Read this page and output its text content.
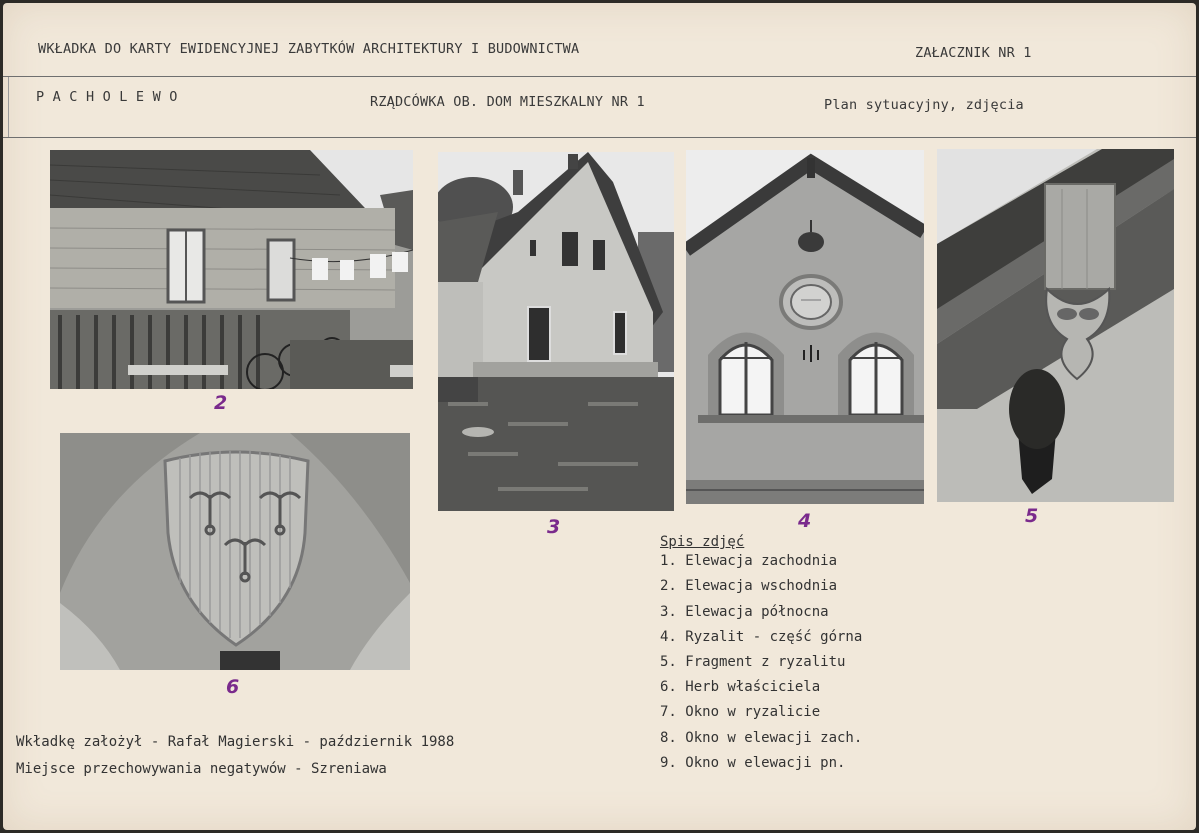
WKŁADKA DO KARTY EWIDENCYJNEJ ZABYTKÓW ARCHITEKTURY I BUDOWNICTWA	ZAŁACZNIK NR 1
P A C H O L E W O	RZĄDCÓWKA OB. DOM MIESZKALNY NR 1	Plan sytuacyjny, zdjęcia
2
3	4	5
6
Spis zdjęć
1. Elewacja zachodnia
2. Elewacja wschodnia
3. Elewacja północna
4. Ryzalit - część górna
5. Fragment z ryzalitu
6. Herb właściciela
7. Okno w ryzalicie
8. Okno w elewacji zach.
9. Okno w elewacji pn.
Wkładkę założył - Rafał Magierski - październik 1988
Miejsce przechowywania negatywów - Szreniawa
